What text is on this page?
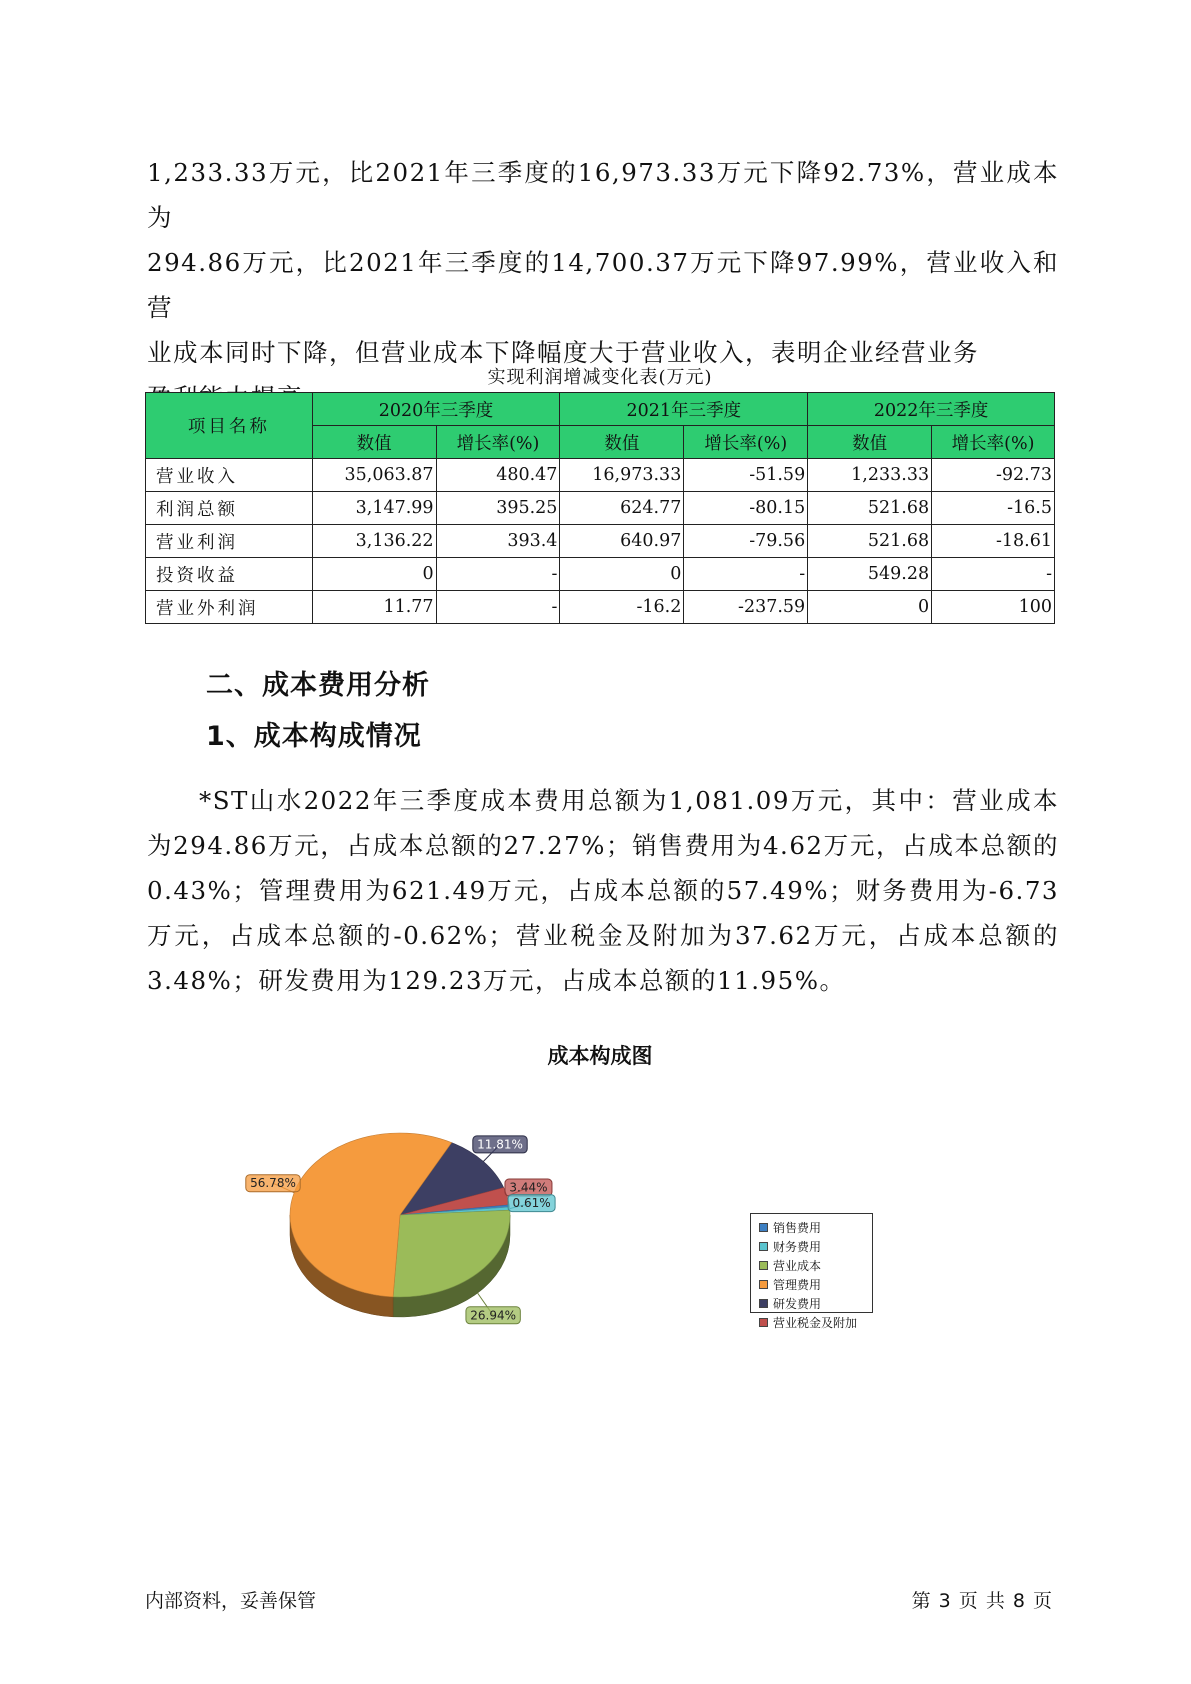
1,233.33万元，比2021年三季度的16,973.33万元下降92.73%，营业成本为

294.86万元，比2021年三季度的14,700.37万元下降97.99%，营业收入和营

业成本同时下降，但营业成本下降幅度大于营业收入，表明企业经营业务

实现利润增减变化表(万元)
项目名称	2020年三季度		2021年三季度		2022年三季度	
	数值	增长率(%)	数值	增长率(%)	数值	增长率(%)
营业收入	35,063.87	480.47	16,973.33	-51.59	1,233.33	-92.73
利润总额	3,147.99	395.25	624.77	-80.15	521.68	-16.5
营业利润	3,136.22	393.4	640.97	-79.56	521.68	-18.61
投资收益	0	-	0	-	549.28	-
营业外利润	11.77	-	-16.2	-237.59	0	100
二、成本费用分析
1、成本构成情况
*ST山水2022年三季度成本费用总额为1,081.09万元，其中：营业成本为294.86万元，占成本总额的27.27%；销售费用为4.62万元，占成本总额的0.43%；管理费用为621.49万元，占成本总额的57.49%；财务费用为-6.73万元，占成本总额的-0.62%；营业税金及附加为37.62万元，占成本总额的3.48%；研发费用为129.23万元，占成本总额的11.95%。
成本构成图
11.81%
3.44%
0.61%
26.94%
56.78%
销售费用
财务费用
营业成本
管理费用
研发费用
营业税金及附加
内部资料，妥善保管	第 3 页 共 8 页
